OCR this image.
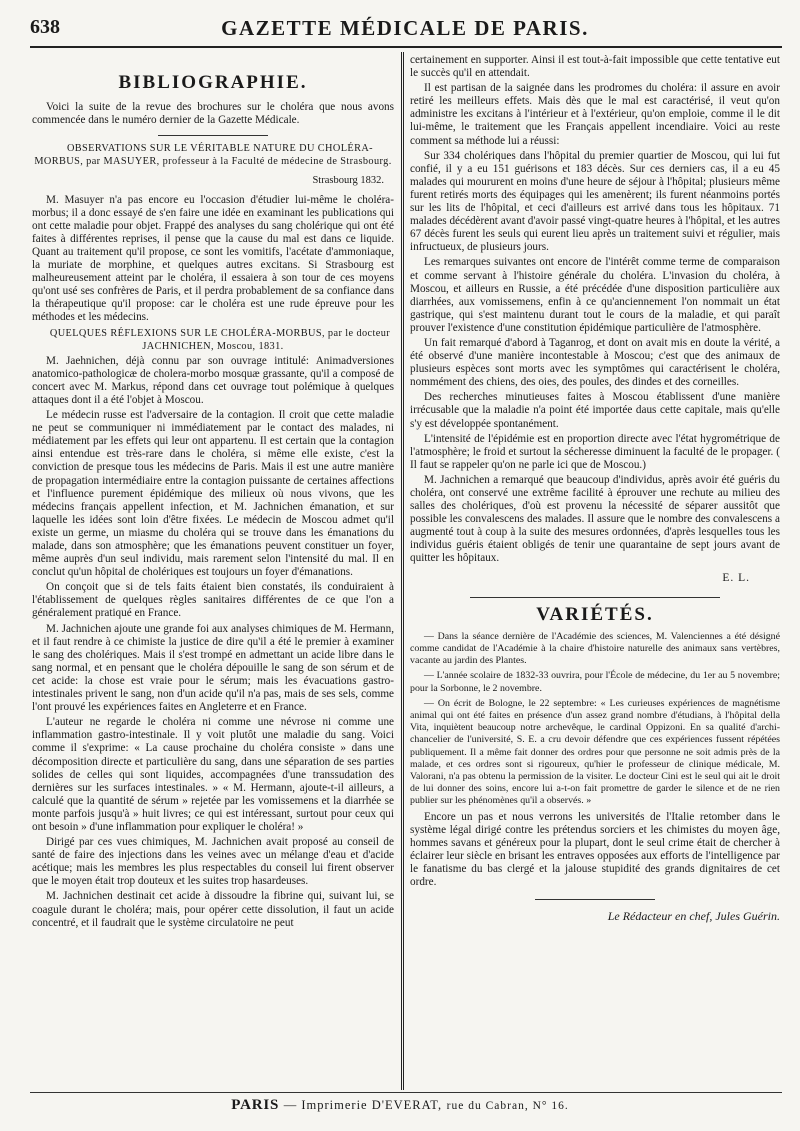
638	GAZETTE MÉDICALE DE PARIS.
BIBLIOGRAPHIE.

Voici la suite de la revue des brochures sur le choléra que nous avons commencée dans le numéro dernier de la Gazette Médicale.

OBSERVATIONS SUR LE VÉRITABLE NATURE DU CHOLÉRA-MORBUS, par MASUYER, professeur à la Faculté de médecine de Strasbourg.

Strasbourg 1832.

M. Masuyer n'a pas encore eu l'occasion d'étudier lui-même le choléra-morbus; il a donc essayé de s'en faire une idée en examinant les publications qui ont cette maladie pour objet. Frappé des analyses du sang cholérique qui ont été faites à différentes reprises, il pense que la cause du mal est dans ce liquide. Quant au traitement qu'il propose, ce sont les vomitifs, l'acétate d'ammoniaque, la muriate de morphine, et quelques autres excitans. Si Strasbourg est malheureusement atteint par le choléra, il essaiera à son tour de ces moyens qu'ont usé ses confrères de Paris, et il perdra probablement de sa confiance dans la thérapeutique qu'il propose: car le choléra est une rude épreuve pour les méthodes et les médecins.

QUELQUES RÉFLEXIONS SUR LE CHOLÉRA-MORBUS, par le docteur JACHNICHEN, Moscou, 1831.

M. Jaehnichen, déjà connu par son ouvrage intitulé: Animadversiones anatomico-pathologicæ de cholera-morbo mosquæ grassante, qu'il a composé de concert avec M. Markus, répond dans cet ouvrage tout polémique à quelques attaques dont il a été l'objet à Moscou.

Le médecin russe est l'adversaire de la contagion. Il croit que cette maladie ne peut se communiquer ni immédiatement par le contact des malades, ni médiatement par les effets qui leur ont appartenu. Il est certain que la contagion ainsi entendue est très-rare dans le choléra, si même elle existe, c'est la conviction de presque tous les médecins de Paris. Mais il est une autre manière de propagation intermédiaire entre la contagion puissante de certaines affections et l'influence purement épidémique des milieux où nous vivons, que les médecins français appellent infection, et M. Jachnichen émanation, et sur laquelle les idées sont loin d'être fixées. Le médecin de Moscou admet qu'il existe un germe, un miasme du choléra qui se trouve dans les émanations du malade, dans son atmosphère; que les émanations peuvent constituer un foyer, même auprès d'un seul individu, mais rarement selon l'intensité du mal. Il en conclut qu'un hôpital de cholériques est toujours un foyer d'émanations.

On conçoit que si de tels faits étaient bien constatés, ils conduiraient à l'établissement de quelques règles sanitaires différentes de ce que l'on a généralement pratiqué en France.

M. Jachnichen ajoute une grande foi aux analyses chimiques de M. Hermann, et il faut rendre à ce chimiste la justice de dire qu'il a été le premier à examiner le sang des cholériques. Mais il s'est trompé en admettant un acide libre dans le sang normal, et en pensant que le choléra dépouille le sang de son sérum et de cet acide: la chose est vraie pour le sérum; mais les évacuations gastro-intestinales privent le sang, non d'un acide qu'il n'a pas, mais de ses sels, comme l'ont prouvé les expériences faites en Angleterre et en France.

L'auteur ne regarde le choléra ni comme une névrose ni comme une inflammation gastro-intestinale. Il y voit plutôt une maladie du sang. Voici comme il s'exprime: « La cause prochaine du choléra consiste » dans une décomposition directe et particulière du sang, dans une séparation de ses parties solides de celles qui sont liquides, accompagnées d'une transsudation des dernières sur les surfaces intestinales. » « M. Hermann, ajoute-t-il ailleurs, a calculé que la quantité de sérum » rejetée par les vomissemens et la diarrhée se monte parfois jusqu'à » huit livres; ce qui est intéressant, surtout pour ceux qui ont besoin » d'une inflammation pour expliquer le choléra! »

Dirigé par ces vues chimiques, M. Jachnichen avait proposé au conseil de santé de faire des injections dans les veines avec un mélange d'eau et d'acide acétique; mais les membres les plus respectables du conseil lui firent observer que le moyen était trop douteux et les suites trop hasardeuses.

M. Jachnichen destinait cet acide à dissoudre la fibrine qui, suivant lui, se coagule durant le choléra; mais, pour opérer cette dissolution, il faut un acide concentré, et il faudrait que le système circulatoire ne peut

certainement en supporter. Ainsi il est tout-à-fait impossible que cette tentative eut le succès qu'il en attendait.

Il est partisan de la saignée dans les prodromes du choléra: il assure en avoir retiré les meilleurs effets. Mais dès que le mal est caractérisé, il veut qu'on administre les excitans à l'intérieur et à l'extérieur, qu'on emploie, comme il le dit lui-même, le traitement que les Français appellent incendiaire. Voici au reste comment sa méthode lui a réussi:

Sur 334 cholériques dans l'hôpital du premier quartier de Moscou, qui lui fut confié, il y a eu 151 guérisons et 183 décès. Sur ces derniers cas, il a eu 45 malades qui moururent en moins d'une heure de séjour à l'hôpital; plusieurs même furent retirés morts des équipages qui les amenèrent; ils furent néanmoins portés sur les lits de l'hôpital, et ceci d'ailleurs est arrivé dans tous les hôpitaux. 71 malades décédèrent avant d'avoir passé vingt-quatre heures à l'hôpital, et les autres 67 décès furent les seuls qui eurent lieu après un traitement suivi et régulier, mais infructueux, de plusieurs jours.

Les remarques suivantes ont encore de l'intérêt comme terme de comparaison et comme servant à l'histoire générale du choléra. L'invasion du choléra, à Moscou, et ailleurs en Russie, a été précédée d'une disposition particulière aux diarrhées, aux vomissemens, enfin à ce qu'anciennement l'on nommait un état gastrique, qui s'est maintenu durant tout le cours de la maladie, et qui paraît prouver l'existence d'une constitution épidémique particulière de l'atmosphère.

Un fait remarqué d'abord à Taganrog, et dont on avait mis en doute la vérité, a été observé d'une manière incontestable à Moscou; c'est que des animaux de plusieurs espèces sont morts avec les symptômes qui caractérisent le choléra, nommément des chiens, des oies, des poules, des dindes et des corneilles.

Des recherches minutieuses faites à Moscou établissent d'une manière irrécusable que la maladie n'a point été importée daus cette capitale, mais qu'elle s'y est développée spontanément.

L'intensité de l'épidémie est en proportion directe avec l'état hygrométrique de l'atmosphère; le froid et surtout la sécheresse diminuent la faculté de le propager. ( Il faut se rappeler qu'on ne parle ici que de Moscou.)

M. Jachnichen a remarqué que beaucoup d'individus, après avoir été guéris du choléra, ont conservé une extrême facilité à éprouver une rechute au milieu des salles des cholériques, d'où est provenu la nécessité de séparer aussitôt que possible les convalescens des malades. Il assure que le nombre des convalescens a augmenté tout à coup à la suite des mesures ordonnées, d'après lesquelles tous les individus guéris étaient obligés de tenir une quarantaine de sept jours avant de quitter les hôpitaux.

E. L.
VARIÉTÉS.

— Dans la séance dernière de l'Académie des sciences, M. Valenciennes a été désigné comme candidat de l'Académie à la chaire d'histoire naturelle des animaux sans vertèbres, vacante au jardin des Plantes.

— L'année scolaire de 1832-33 ouvrira, pour l'École de médecine, du 1er au 5 novembre; pour la Sorbonne, le 2 novembre.

— On écrit de Bologne, le 22 septembre: « Les curieuses expériences de magnétisme animal qui ont été faites en présence d'un assez grand nombre d'étudians, à l'hôpital della Vita, inquiètent beaucoup notre archevêque, le cardinal Oppizoni. En sa qualité d'archi-chancelier de l'université, S. E. a cru devoir défendre que ces expériences fussent répétées publiquement. Il a même fait donner des ordres pour que personne ne soit admis près de la malade, et ces ordres sont si rigoureux, qu'hier le professeur de clinique médicale, M. Valorani, n'a pas obtenu la permission de la visiter. Le docteur Cini est le seul qui ait le droit de lui donner des soins, encore lui a-t-on fait promettre de garder le silence et de ne rien publier sur les phénomènes qu'il a observés. »

Encore un pas et nous verrons les universités de l'Italie retomber dans le système légal dirigé contre les prétendus sorciers et les chimistes du moyen âge, hommes savans et généreux pour la plupart, dont le seul crime était de chercher à éclairer leur siècle en brisant les entraves opposées aux efforts de l'intelligence par le fanatisme du bas clergé et la jalouse stupidité des grands dignitaires de cet ordre.

Le Rédacteur en chef, Jules Guérin.
PARIS — Imprimerie D'EVERAT, rue du Cabran, N° 16.
